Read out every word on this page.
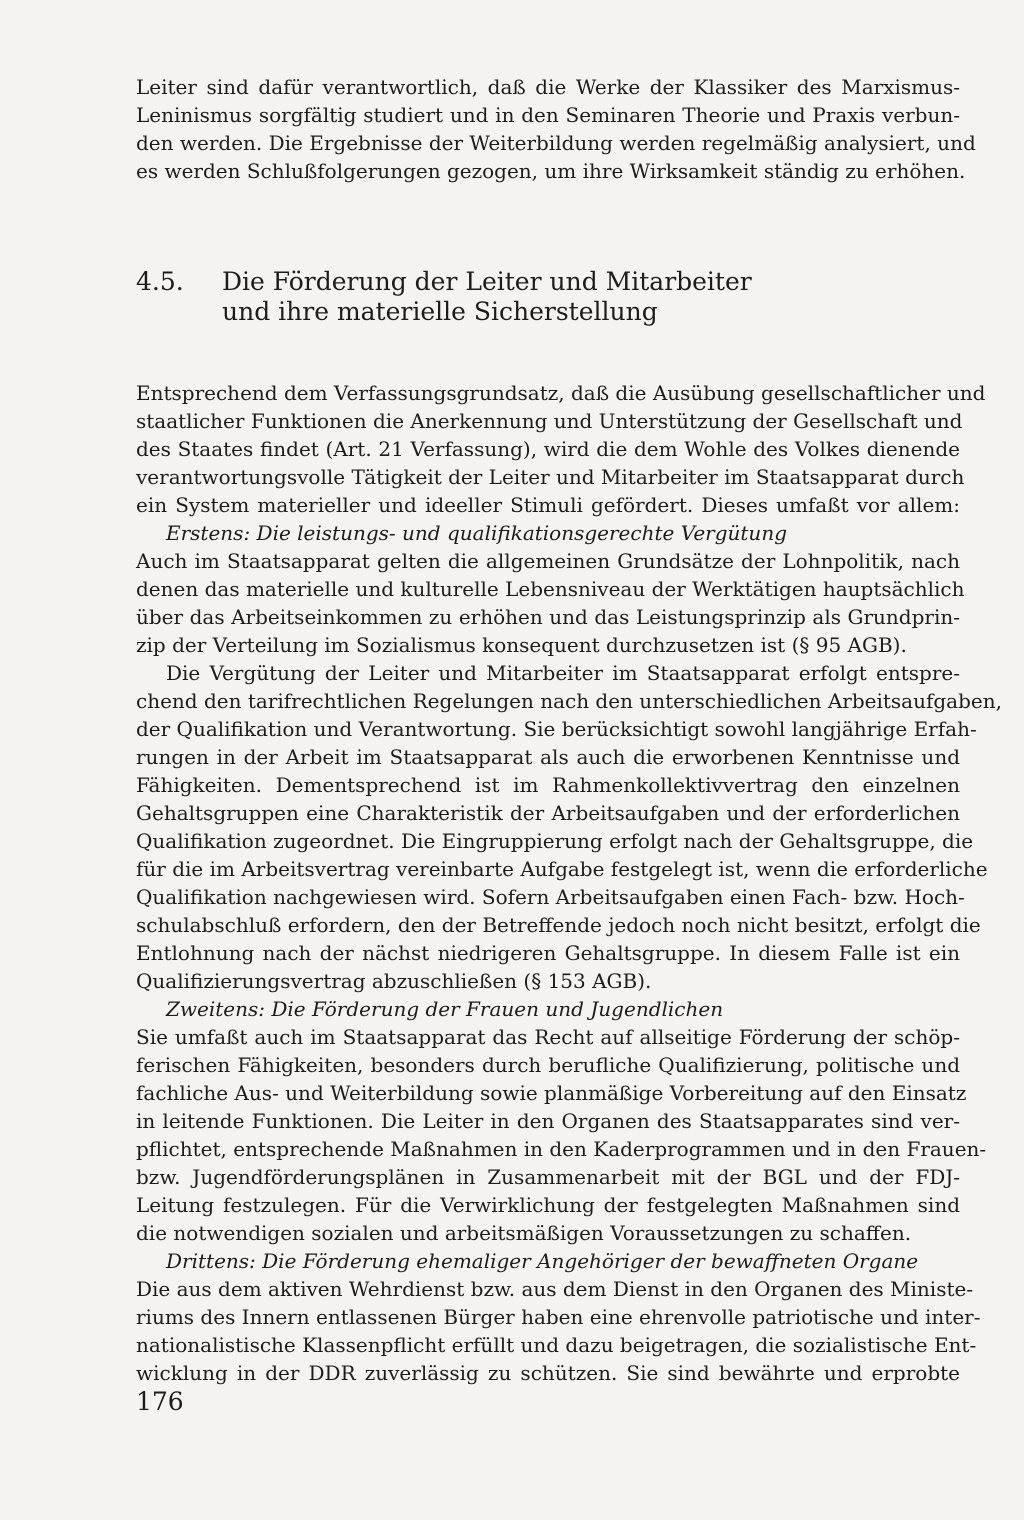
Leiter sind dafür verantwortlich, daß die Werke der Klassiker des Marxismus-
Leninismus sorgfältig studiert und in den Seminaren Theorie und Praxis verbun-
den werden. Die Ergebnisse der Weiterbildung werden regelmäßig analysiert, und
es werden Schlußfolgerungen gezogen, um ihre Wirksamkeit ständig zu erhöhen.
4.5. Die Förderung der Leiter und Mitarbeiter
und ihre materielle Sicherstellung
Entsprechend dem Verfassungsgrundsatz, daß die Ausübung gesellschaftlicher und
staatlicher Funktionen die Anerkennung und Unterstützung der Gesellschaft und
des Staates findet (Art. 21 Verfassung), wird die dem Wohle des Volkes dienende
verantwortungsvolle Tätigkeit der Leiter und Mitarbeiter im Staatsapparat durch
ein System materieller und ideeller Stimuli gefördert. Dieses umfaßt vor allem:
Erstens: Die leistungs- und qualifikationsgerechte Vergütung
Auch im Staatsapparat gelten die allgemeinen Grundsätze der Lohnpolitik, nach
denen das materielle und kulturelle Lebensniveau der Werktätigen hauptsächlich
über das Arbeitseinkommen zu erhöhen und das Leistungsprinzip als Grundprin-
zip der Verteilung im Sozialismus konsequent durchzusetzen ist (§ 95 AGB).
Die Vergütung der Leiter und Mitarbeiter im Staatsapparat erfolgt entspre-
chend den tarifrechtlichen Regelungen nach den unterschiedlichen Arbeitsaufgaben,
der Qualifikation und Verantwortung. Sie berücksichtigt sowohl langjährige Erfah-
rungen in der Arbeit im Staatsapparat als auch die erworbenen Kenntnisse und
Fähigkeiten. Dementsprechend ist im Rahmenkollektivvertrag den einzelnen
Gehaltsgruppen eine Charakteristik der Arbeitsaufgaben und der erforderlichen
Qualifikation zugeordnet. Die Eingruppierung erfolgt nach der Gehaltsgruppe, die
für die im Arbeitsvertrag vereinbarte Aufgabe festgelegt ist, wenn die erforderliche
Qualifikation nachgewiesen wird. Sofern Arbeitsaufgaben einen Fach- bzw. Hoch-
schulabschluß erfordern, den der Betreffende jedoch noch nicht besitzt, erfolgt die
Entlohnung nach der nächst niedrigeren Gehaltsgruppe. In diesem Falle ist ein
Qualifizierungsvertrag abzuschließen (§ 153 AGB).
Zweitens: Die Förderung der Frauen und Jugendlichen
Sie umfaßt auch im Staatsapparat das Recht auf allseitige Förderung der schöp-
ferischen Fähigkeiten, besonders durch berufliche Qualifizierung, politische und
fachliche Aus- und Weiterbildung sowie planmäßige Vorbereitung auf den Einsatz
in leitende Funktionen. Die Leiter in den Organen des Staatsapparates sind ver-
pflichtet, entsprechende Maßnahmen in den Kaderprogrammen und in den Frauen-
bzw. Jugendförderungsplänen in Zusammenarbeit mit der BGL und der FDJ-
Leitung festzulegen. Für die Verwirklichung der festgelegten Maßnahmen sind
die notwendigen sozialen und arbeitsmäßigen Voraussetzungen zu schaffen.
Drittens: Die Förderung ehemaliger Angehöriger der bewaffneten Organe
Die aus dem aktiven Wehrdienst bzw. aus dem Dienst in den Organen des Ministe-
riums des Innern entlassenen Bürger haben eine ehrenvolle patriotische und inter-
nationalistische Klassenpflicht erfüllt und dazu beigetragen, die sozialistische Ent-
wicklung in der DDR zuverlässig zu schützen. Sie sind bewährte und erprobte
176
